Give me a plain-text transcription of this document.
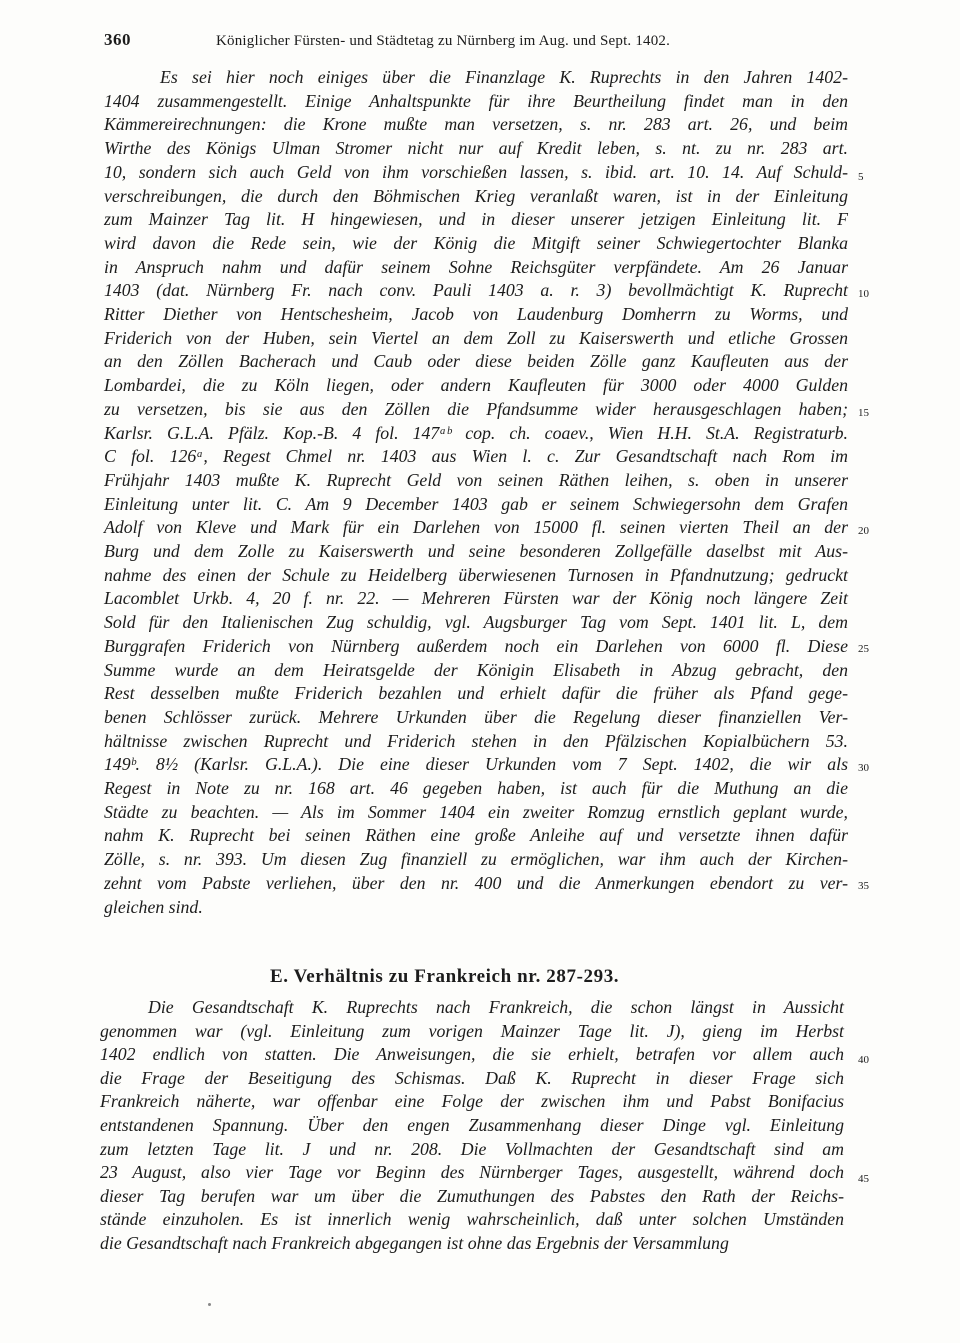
360	Königlicher Fürsten- und Städtetag zu Nürnberg im Aug. und Sept. 1402.
E. Verhältnis zu Frankreich nr. 287-293.
Es sei hier noch einiges über die Finanzlage K. Ruprechts in den Jahren 1402-
1404 zusammengestellt. Einige Anhaltspunkte für ihre Beurtheilung findet man in den
Kämmereirechnungen: die Krone mußte man versetzen, s. nr. 283 art. 26, und beim
Wirthe des Königs Ulman Stromer nicht nur auf Kredit leben, s. nt. zu nr. 283 art.
10, sondern sich auch Geld von ihm vorschießen lassen, s. ibid. art. 10. 14. Auf Schuld-
verschreibungen, die durch den Böhmischen Krieg veranlaßt waren, ist in der Einleitung
zum Mainzer Tag lit. H hingewiesen, und in dieser unserer jetzigen Einleitung lit. F
wird davon die Rede sein, wie der König die Mitgift seiner Schwiegertochter Blanka
in Anspruch nahm und dafür seinem Sohne Reichsgüter verpfändete. Am 26 Januar
1403 (dat. Nürnberg Fr. nach conv. Pauli 1403 a. r. 3) bevollmächtigt K. Ruprecht
Ritter Diether von Hentschesheim, Jacob von Laudenburg Domherrn zu Worms, und
Friderich von der Huben, sein Viertel an dem Zoll zu Kaiserswerth und etliche Grossen
an den Zöllen Bacherach und Caub oder diese beiden Zölle ganz Kaufleuten aus der
Lombardei, die zu Köln liegen, oder andern Kaufleuten für 3000 oder 4000 Gulden
zu versetzen, bis sie aus den Zöllen die Pfandsumme wider herausgeschlagen haben;
Karlsr. G.L.A. Pfälz. Kop.-B. 4 fol. 147ᵃᵇ cop. ch. coaev., Wien H.H. St.A. Registraturb.
C fol. 126ᵃ, Regest Chmel nr. 1403 aus Wien l. c. Zur Gesandtschaft nach Rom im
Frühjahr 1403 mußte K. Ruprecht Geld von seinen Räthen leihen, s. oben in unserer
Einleitung unter lit. C. Am 9 December 1403 gab er seinem Schwiegersohn dem Grafen
Adolf von Kleve und Mark für ein Darlehen von 15000 fl. seinen vierten Theil an der
Burg und dem Zolle zu Kaiserswerth und seine besonderen Zollgefälle daselbst mit Aus-
nahme des einen der Schule zu Heidelberg überwiesenen Turnosen in Pfandnutzung; gedruckt
Lacomblet Urkb. 4, 20 f. nr. 22. — Mehreren Fürsten war der König noch längere Zeit
Sold für den Italienischen Zug schuldig, vgl. Augsburger Tag vom Sept. 1401 lit. L, dem
Burggrafen Friderich von Nürnberg außerdem noch ein Darlehen von 6000 fl. Diese
Summe wurde an dem Heiratsgelde der Königin Elisabeth in Abzug gebracht, den
Rest desselben mußte Friderich bezahlen und erhielt dafür die früher als Pfand gege-
benen Schlösser zurück. Mehrere Urkunden über die Regelung dieser finanziellen Ver-
hältnisse zwischen Ruprecht und Friderich stehen in den Pfälzischen Kopialbüchern 53.
149ᵇ. 8½ (Karlsr. G.L.A.). Die eine dieser Urkunden vom 7 Sept. 1402, die wir als
Regest in Note zu nr. 168 art. 46 gegeben haben, ist auch für die Muthung an die
Städte zu beachten. — Als im Sommer 1404 ein zweiter Romzug ernstlich geplant wurde,
nahm K. Ruprecht bei seinen Räthen eine große Anleihe auf und versetzte ihnen dafür
Zölle, s. nr. 393. Um diesen Zug finanziell zu ermöglichen, war ihm auch der Kirchen-
zehnt vom Pabste verliehen, über den nr. 400 und die Anmerkungen ebendort zu ver-
gleichen sind.
Die Gesandtschaft K. Ruprechts nach Frankreich, die schon längst in Aussicht
genommen war (vgl. Einleitung zum vorigen Mainzer Tage lit. J), gieng im Herbst
1402 endlich von statten. Die Anweisungen, die sie erhielt, betrafen vor allem auch
die Frage der Beseitigung des Schismas. Daß K. Ruprecht in dieser Frage sich
Frankreich näherte, war offenbar eine Folge der zwischen ihm und Pabst Bonifacius
entstandenen Spannung. Über den engen Zusammenhang dieser Dinge vgl. Einleitung
zum letzten Tage lit. J und nr. 208. Die Vollmachten der Gesandtschaft sind am
23 August, also vier Tage vor Beginn des Nürnberger Tages, ausgestellt, während doch
dieser Tag berufen war um über die Zumuthungen des Pabstes den Rath der Reichs-
stände einzuholen. Es ist innerlich wenig wahrscheinlich, daß unter solchen Umständen
die Gesandtschaft nach Frankreich abgegangen ist ohne das Ergebnis der Versammlung
5
10
15
20
25
30
35
40
45
